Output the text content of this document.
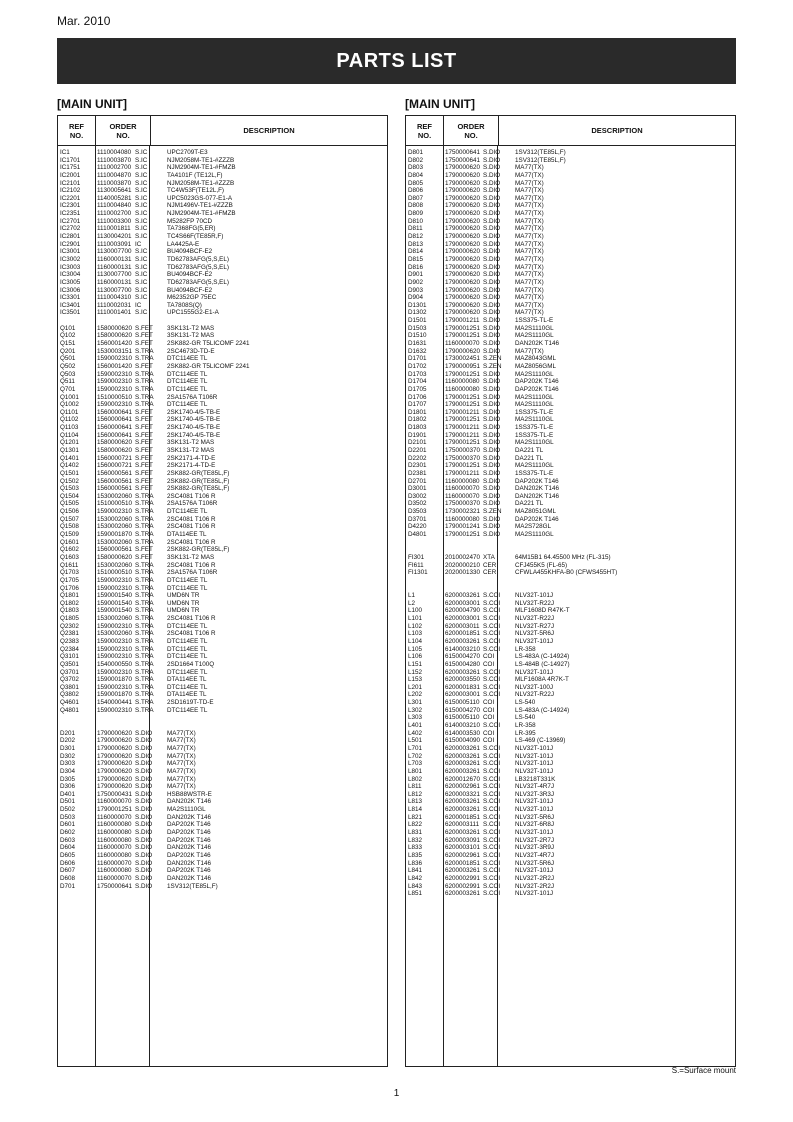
Mar. 2010
PARTS LIST
[MAIN UNIT]	[MAIN UNIT]
REF
NO.
ORDER
NO.	DESCRIPTION
IC1	1110004080 S.IC	UPC2709T-E3
IC1701	1110003870 S.IC	NJM2058M-TE1-#ZZZB
IC1751	1110002700 S.IC	NJM2904M-TE1-#FMZB
IC2001	1110004870 S.IC	TA4101F (TE12L,F)
IC2101	1110003870 S.IC	NJM2058M-TE1-#ZZZB
IC2102	1130005641 S.IC	TC4W53F(TE12L,F)
IC2201	1140005281 S.IC	UPC5023GS-077-E1-A
IC2301	1110004840 S.IC	NJM1496V-TE1-#ZZZB
IC2351	1110002700 S.IC	NJM2904M-TE1-#FMZB
IC2701	1110003300 S.IC	M5282FP 70CD
IC2702	1110001811 S.IC	TA7368FG(5,ER)
IC2801	1130004201 S.IC	TC4S66F(TE85R,F)
IC2901	1110003091 IC	LA4425A-E
IC3001	1130007700 S.IC	BU4094BCF-E2
IC3002	1160000131 S.IC	TD62783AFG(5,S,EL)
IC3003	1160000131 S.IC	TD62783AFG(5,S,EL)
IC3004	1130007700 S.IC	BU4094BCF-E2
IC3005	1160000131 S.IC	TD62783AFG(5,S,EL)
IC3006	1130007700 S.IC	BU4094BCF-E2
IC3301	1110004310 S.IC	M62352GP 75EC
IC3401	1110002031 IC	TA7808S(Q)
IC3501	1110001401 S.IC	UPC1555G2-E1-A
Q101	1580000620 S.FET	3SK131-T2 MAS
Q102	1580000620 S.FET	3SK131-T2 MAS
Q151	1560001420 S.FET	2SK882-GR T5LICOMF 2241
Q201	1530003151 S.TRA	2SC4673D-TD-E
Q501	1590002310 S.TRA	DTC114EE TL
Q502	1560001420 S.FET	2SK882-GR T5LICOMF 2241
Q503	1590002310 S.TRA	DTC114EE TL
Q511	1590002310 S.TRA	DTC114EE TL
Q701	1590002310 S.TRA	DTC114EE TL
Q1001	1510000510 S.TRA	2SA1576A T106R
Q1002	1590002310 S.TRA	DTC114EE TL
Q1101	1560000641 S.FET	2SK1740-4/5-TB-E
Q1102	1560000641 S.FET	2SK1740-4/5-TB-E
Q1103	1560000641 S.FET	2SK1740-4/5-TB-E
Q1104	1560000641 S.FET	2SK1740-4/5-TB-E
Q1201	1580000620 S.FET	3SK131-T2 MAS
Q1301	1580000620 S.FET	3SK131-T2 MAS
Q1401	1560000721 S.FET	2SK2171-4-TD-E
Q1402	1560000721 S.FET	2SK2171-4-TD-E
Q1501	1560000561 S.FET	2SK882-GR(TE85L,F)
Q1502	1560000561 S.FET	2SK882-GR(TE85L,F)
Q1503	1560000561 S.FET	2SK882-GR(TE85L,F)
Q1504	1530002060 S.TRA	2SC4081 T106 R
Q1505	1510000510 S.TRA	2SA1576A T106R
Q1506	1590002310 S.TRA	DTC114EE TL
Q1507	1530002060 S.TRA	2SC4081 T106 R
Q1508	1530002060 S.TRA	2SC4081 T106 R
Q1509	1590001870 S.TRA	DTA114EE TL
Q1601	1530002060 S.TRA	2SC4081 T106 R
Q1602	1560000561 S.FET	2SK882-GR(TE85L,F)
Q1603	1580000620 S.FET	3SK131-T2 MAS
Q1611	1530002060 S.TRA	2SC4081 T106 R
Q1703	1510000510 S.TRA	2SA1576A T106R
Q1705	1590002310 S.TRA	DTC114EE TL
Q1706	1590002310 S.TRA	DTC114EE TL
Q1801	1590001540 S.TRA	UMD6N TR
Q1802	1590001540 S.TRA	UMD6N TR
Q1803	1590001540 S.TRA	UMD6N TR
Q1805	1530002060 S.TRA	2SC4081 T106 R
Q2302	1590002310 S.TRA	DTC114EE TL
Q2381	1530002060 S.TRA	2SC4081 T106 R
Q2383	1590002310 S.TRA	DTC114EE TL
Q2384	1590002310 S.TRA	DTC114EE TL
Q3101	1590002310 S.TRA	DTC114EE TL
Q3501	1540000550 S.TRA	2SD1664 T100Q
Q3701	1590002310 S.TRA	DTC114EE TL
Q3702	1590001870 S.TRA	DTA114EE TL
Q3801	1590002310 S.TRA	DTC114EE TL
Q3802	1590001870 S.TRA	DTA114EE TL
Q4601	1540000441 S.TRA	2SD1619T-TD-E
Q4801	1590002310 S.TRA	DTC114EE TL
D201	1790000620 S.DIO	MA77(TX)
D202	1790000620 S.DIO	MA77(TX)
D301	1790000620 S.DIO	MA77(TX)
D302	1790000620 S.DIO	MA77(TX)
D303	1790000620 S.DIO	MA77(TX)
D304	1790000620 S.DIO	MA77(TX)
D305	1790000620 S.DIO	MA77(TX)
D306	1790000620 S.DIO	MA77(TX)
D401	1750000431 S.DIO	HSB88WSTR-E
D501	1160000070 S.DIO	DAN202K T146
D502	1790001251 S.DIO	MA2S1110GL
D503	1160000070 S.DIO	DAN202K T146
D601	1160000080 S.DIO	DAP202K T146
D602	1160000080 S.DIO	DAP202K T146
D603	1160000080 S.DIO	DAP202K T146
D604	1160000070 S.DIO	DAN202K T146
D605	1160000080 S.DIO	DAP202K T146
D606	1160000070 S.DIO	DAN202K T146
D607	1160000080 S.DIO	DAP202K T146
D608	1160000070 S.DIO	DAN202K T146
D701	1750000641 S.DIO	1SV312(TE85L,F)
REF
NO.
ORDER
NO.	DESCRIPTION
D801	1750000641 S.DIO	1SV312(TE85L,F)
D802	1750000641 S.DIO	1SV312(TE85L,F)
D803	1790000620 S.DIO	MA77(TX)
D804	1790000620 S.DIO	MA77(TX)
D805	1790000620 S.DIO	MA77(TX)
D806	1790000620 S.DIO	MA77(TX)
D807	1790000620 S.DIO	MA77(TX)
D808	1790000620 S.DIO	MA77(TX)
D809	1790000620 S.DIO	MA77(TX)
D810	1790000620 S.DIO	MA77(TX)
D811	1790000620 S.DIO	MA77(TX)
D812	1790000620 S.DIO	MA77(TX)
D813	1790000620 S.DIO	MA77(TX)
D814	1790000620 S.DIO	MA77(TX)
D815	1790000620 S.DIO	MA77(TX)
D816	1790000620 S.DIO	MA77(TX)
D901	1790000620 S.DIO	MA77(TX)
D902	1790000620 S.DIO	MA77(TX)
D903	1790000620 S.DIO	MA77(TX)
D904	1790000620 S.DIO	MA77(TX)
D1301	1790000620 S.DIO	MA77(TX)
D1302	1790000620 S.DIO	MA77(TX)
D1501	1790001211 S.DIO	1SS375-TL-E
D1503	1790001251 S.DIO	MA2S1110GL
D1510	1790001251 S.DIO	MA2S1110GL
D1631	1160000070 S.DIO	DAN202K T146
D1632	1790000620 S.DIO	MA77(TX)
D1701	1730002451 S.ZEN	MAZ8043GML
D1702	1790000951 S.ZEN	MAZ8056GML
D1703	1790001251 S.DIO	MA2S1110GL
D1704	1160000080 S.DIO	DAP202K T146
D1705	1160000080 S.DIO	DAP202K T146
D1706	1790001251 S.DIO	MA2S1110GL
D1707	1790001251 S.DIO	MA2S1110GL
D1801	1790001211 S.DIO	1SS375-TL-E
D1802	1790001251 S.DIO	MA2S1110GL
D1803	1790001211 S.DIO	1SS375-TL-E
D1901	1790001211 S.DIO	1SS375-TL-E
D2101	1790001251 S.DIO	MA2S1110GL
D2201	1750000370 S.DIO	DA221 TL
D2202	1750000370 S.DIO	DA221 TL
D2301	1790001251 S.DIO	MA2S1110GL
D2381	1790001211 S.DIO	1SS375-TL-E
D2701	1160000080 S.DIO	DAP202K T146
D3001	1160000070 S.DIO	DAN202K T146
D3002	1160000070 S.DIO	DAN202K T146
D3502	1750000370 S.DIO	DA221 TL
D3503	1730002321 S.ZEN	MAZ8051GML
D3701	1160000080 S.DIO	DAP202K T146
D4220	1790001241 S.DIO	MA2S728GL
D4801	1790001251 S.DIO	MA2S1110GL
FI301	2010002470 XTA	64M15B1 64.45500 MHz (FL-315)
FI611	2020000210 CER	CFJ455K5 (FL-65)
FI1301	2020001330 CER	CFWLA455KHFA-B0 (CFWS455HT)
L1	6200003261 S.COI	NLV32T-101J
L2	6200003001 S.COI	NLV32T-R22J
L100	6200004790 S.COI	MLF1608D R47K-T
L101	6200003001 S.COI	NLV32T-R22J
L102	6200003011 S.COI	NLV32T-R27J
L103	6200001851 S.COI	NLV32T-5R6J
L104	6200003261 S.COI	NLV32T-101J
L105	6140003210 S.COI	LR-358
L106	6150004270 COI	LS-483A (C-14924)
L151	6150004280 COI	LS-484B (C-14927)
L152	6200003261 S.COI	NLV32T-101J
L153	6200003550 S.COI	MLF1608A 4R7K-T
L201	6200001831 S.COI	NLV32T-100J
L202	6200003001 S.COI	NLV32T-R22J
L301	6150005110 COI	LS-540
L302	6150004270 COI	LS-483A (C-14924)
L303	6150005110 COI	LS-540
L401	6140003210 S.COI	LR-358
L402	6140003530 COI	LR-395
L501	6150004090 COI	LS-469 (C-13969)
L701	6200003261 S.COI	NLV32T-101J
L702	6200003261 S.COI	NLV32T-101J
L703	6200003261 S.COI	NLV32T-101J
L801	6200003261 S.COI	NLV32T-101J
L802	6200012670 S.COI	LB3218T331K
L811	6200002961 S.COI	NLV32T-4R7J
L812	6200003321 S.COI	NLV32T-3R3J
L813	6200003261 S.COI	NLV32T-101J
L814	6200003261 S.COI	NLV32T-101J
L821	6200001851 S.COI	NLV32T-5R6J
L822	6200003111 S.COI	NLV32T-6R8J
L831	6200003261 S.COI	NLV32T-101J
L832	6200003091 S.COI	NLV32T-2R7J
L833	6200003101 S.COI	NLV32T-3R9J
L835	6200002961 S.COI	NLV32T-4R7J
L836	6200001851 S.COI	NLV32T-5R6J
L841	6200003261 S.COI	NLV32T-101J
L842	6200002991 S.COI	NLV32T-2R2J
L843	6200002991 S.COI	NLV32T-2R2J
L851	6200003261 S.COI	NLV32T-101J
S.=Surface mount
1
